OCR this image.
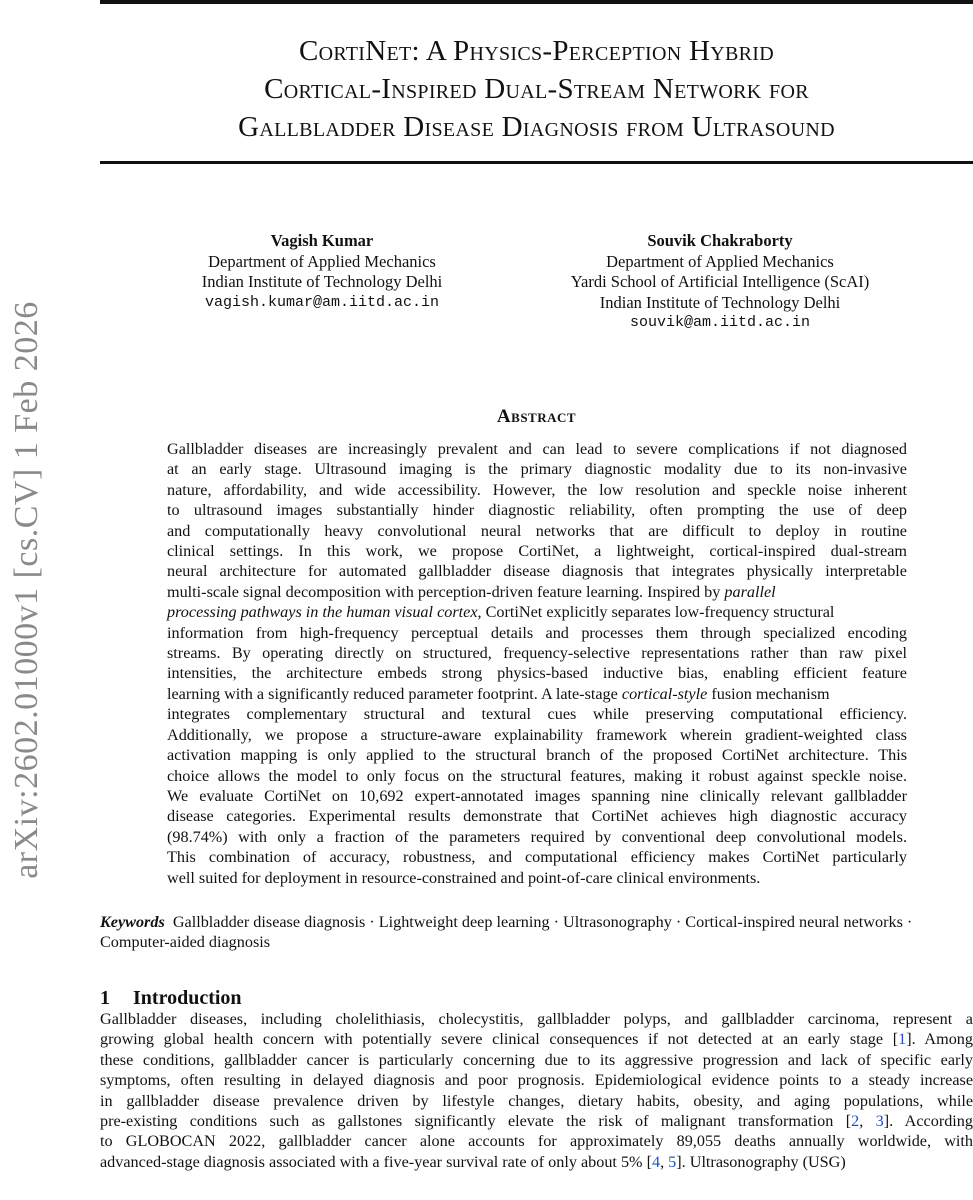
arXiv:2602.01000v1 [cs.CV] 1 Feb 2026
CortiNet: A Physics-Perception Hybrid
Cortical-Inspired Dual-Stream Network for
Gallbladder Disease Diagnosis from Ultrasound
Vagish Kumar
Department of Applied Mechanics
Indian Institute of Technology Delhi
vagish.kumar@am.iitd.ac.in
Souvik Chakraborty
Department of Applied Mechanics
Yardi School of Artificial Intelligence (ScAI)
Indian Institute of Technology Delhi
souvik@am.iitd.ac.in
Abstract
Gallbladder diseases are increasingly prevalent and can lead to severe complications if not diagnosed
at an early stage. Ultrasound imaging is the primary diagnostic modality due to its non-invasive
nature, affordability, and wide accessibility. However, the low resolution and speckle noise inherent
to ultrasound images substantially hinder diagnostic reliability, often prompting the use of deep
and computationally heavy convolutional neural networks that are difficult to deploy in routine
clinical settings. In this work, we propose CortiNet, a lightweight, cortical-inspired dual-stream
neural architecture for automated gallbladder disease diagnosis that integrates physically interpretable
multi-scale signal decomposition with perception-driven feature learning. Inspired by parallel
processing pathways in the human visual cortex, CortiNet explicitly separates low-frequency structural
information from high-frequency perceptual details and processes them through specialized encoding
streams. By operating directly on structured, frequency-selective representations rather than raw pixel
intensities, the architecture embeds strong physics-based inductive bias, enabling efficient feature
learning with a significantly reduced parameter footprint. A late-stage cortical-style fusion mechanism
integrates complementary structural and textural cues while preserving computational efficiency.
Additionally, we propose a structure-aware explainability framework wherein gradient-weighted class
activation mapping is only applied to the structural branch of the proposed CortiNet architecture. This
choice allows the model to only focus on the structural features, making it robust against speckle noise.
We evaluate CortiNet on 10,692 expert-annotated images spanning nine clinically relevant gallbladder
disease categories. Experimental results demonstrate that CortiNet achieves high diagnostic accuracy
(98.74%) with only a fraction of the parameters required by conventional deep convolutional models.
This combination of accuracy, robustness, and computational efficiency makes CortiNet particularly
well suited for deployment in resource-constrained and point-of-care clinical environments.
Keywords Gallbladder disease diagnosis · Lightweight deep learning · Ultrasonography · Cortical-inspired neural networks · Computer-aided diagnosis
1 Introduction
Gallbladder diseases, including cholelithiasis, cholecystitis, gallbladder polyps, and gallbladder carcinoma, represent a
growing global health concern with potentially severe clinical consequences if not detected at an early stage [1]. Among
these conditions, gallbladder cancer is particularly concerning due to its aggressive progression and lack of specific early
symptoms, often resulting in delayed diagnosis and poor prognosis. Epidemiological evidence points to a steady increase
in gallbladder disease prevalence driven by lifestyle changes, dietary habits, obesity, and aging populations, while
pre-existing conditions such as gallstones significantly elevate the risk of malignant transformation [2, 3]. According
to GLOBOCAN 2022, gallbladder cancer alone accounts for approximately 89,055 deaths annually worldwide, with
advanced-stage diagnosis associated with a five-year survival rate of only about 5% [4, 5]. Ultrasonography (USG)
